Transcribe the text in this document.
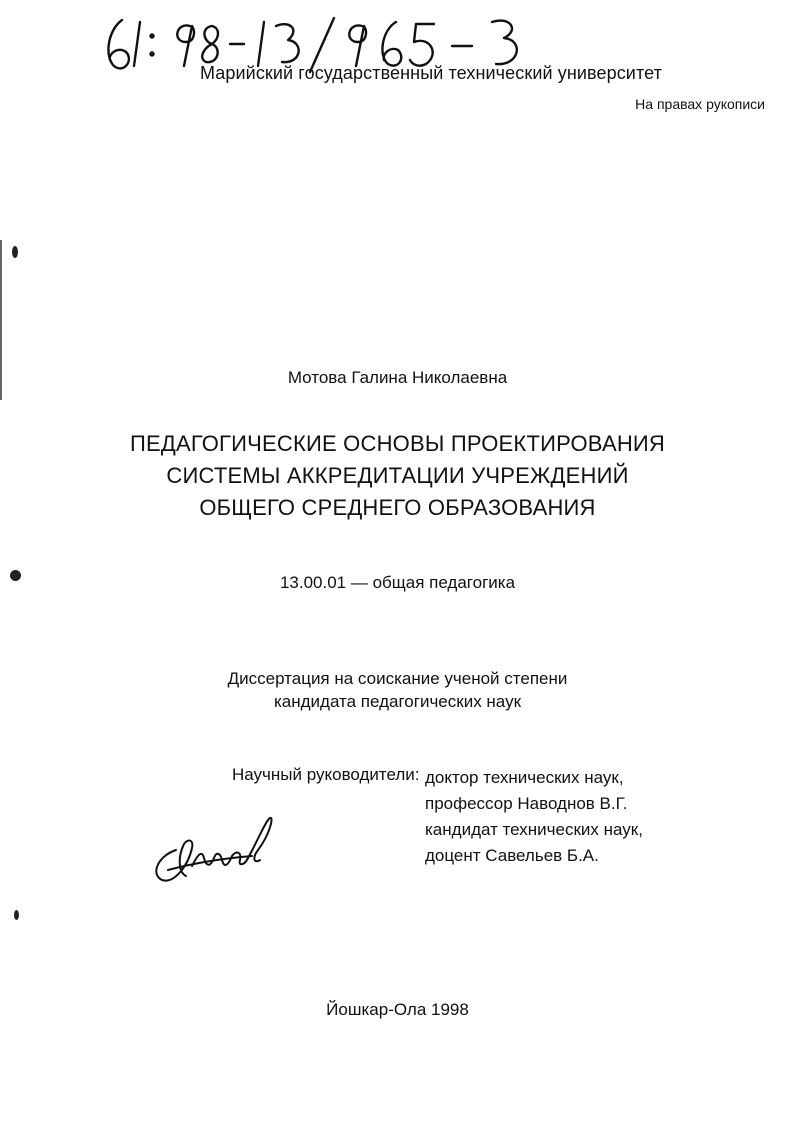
Марийский государственный технический университет
На правах рукописи
Мотова Галина Николаевна
ПЕДАГОГИЧЕСКИЕ ОСНОВЫ ПРОЕКТИРОВАНИЯ
СИСТЕМЫ АККРЕДИТАЦИИ УЧРЕЖДЕНИЙ
ОБЩЕГО СРЕДНЕГО ОБРАЗОВАНИЯ
13.00.01 — общая педагогика
Диссертация на соискание ученой степени
кандидата педагогических наук
Научный руководители: доктор технических наук,
профессор Наводнов В.Г.
кандидат технических наук,
доцент Савельев Б.А.
Йошкар-Ола 1998
